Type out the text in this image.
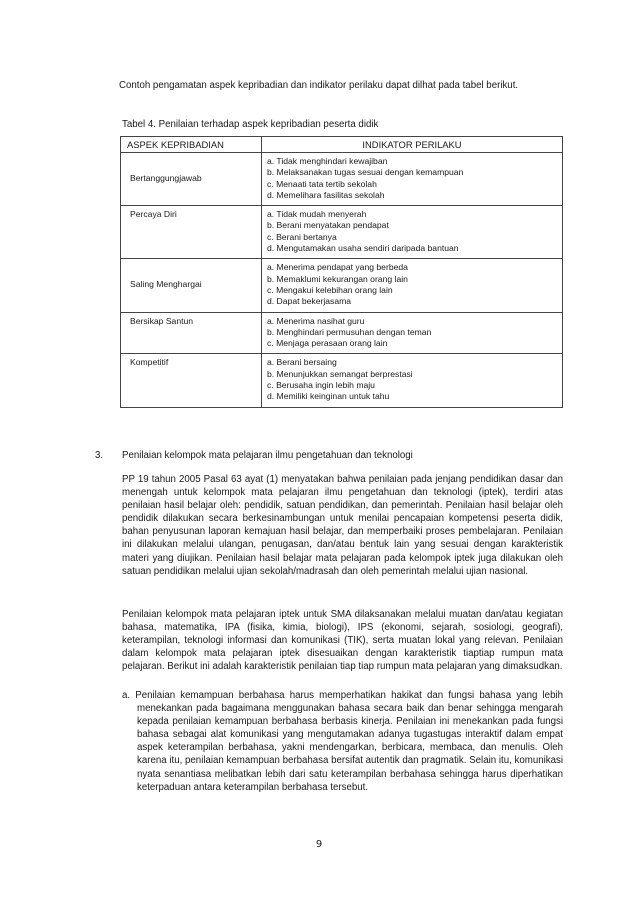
Contoh pengamatan aspek kepribadian dan indikator perilaku dapat dilhat pada tabel berikut.

Tabel 4. Penilaian terhadap aspek kepribadian peserta didik
ASPEK KEPRIBADIAN	INDIKATOR PERILAKU
Bertanggungjawab	a. Tidak menghindari kewajiban
b. Melaksanakan tugas sesuai dengan kemampuan
c. Menaati tata tertib sekolah
d. Memelihara fasilitas sekolah

Percaya Diri	a. Tidak mudah menyerah
b. Berani menyatakan pendapat
c. Berani bertanya
d. Mengutamakan usaha sendiri daripada bantuan

Saling Menghargai	a. Menerima pendapat yang berbeda
b. Memaklumi kekurangan orang lain
c. Mengakui kelebihan orang lain
d. Dapat bekerjasama

Bersikap Santun	a. Menerima nasihat guru
b. Menghindari permusuhan dengan teman
c. Menjaga perasaan orang lain

Kompetitif	a. Berani bersaing
b. Menunjukkan semangat berprestasi
c. Berusaha ingin lebih maju
d. Memiliki keinginan untuk tahu
3. Penilaian kelompok mata pelajaran ilmu pengetahuan dan teknologi

PP 19 tahun 2005 Pasal 63 ayat (1) menyatakan bahwa penilaian pada jenjang pendidikan dasar dan menengah untuk kelompok mata pelajaran ilmu pengetahuan dan teknologi (iptek), terdiri atas penilaian hasil belajar oleh: pendidik, satuan pendidikan, dan pemerintah. Penilaian hasil belajar oleh pendidik dilakukan secara berkesinambungan untuk menilai pencapaian kompetensi peserta didik, bahan penyusunan laporan kemajuan hasil belajar, dan memperbaiki proses pembelajaran. Penilaian ini dilakukan melalui ulangan, penugasan, dan/atau bentuk lain yang sesuai dengan karakteristik materi yang diujikan. Penilaian hasil belajar mata pelajaran pada kelompok iptek juga dilakukan oleh satuan pendidikan melalui ujian sekolah/madrasah dan oleh pemerintah melalui ujian nasional.

Penilaian kelompok mata pelajaran iptek untuk SMA dilaksanakan melalui muatan dan/atau kegiatan bahasa, matematika, IPA (fisika, kimia, biologi), IPS (ekonomi, sejarah, sosiologi, geografi), keterampilan, teknologi informasi dan komunikasi (TIK), serta muatan lokal yang relevan. Penilaian dalam kelompok mata pelajaran iptek disesuaikan dengan karakteristik tiaptiap rumpun mata pelajaran. Berikut ini adalah karakteristik penilaian tiap tiap rumpun mata pelajaran yang dimaksudkan.

a. Penilaian kemampuan berbahasa harus memperhatikan hakikat dan fungsi bahasa yang lebih menekankan pada bagaimana menggunakan bahasa secara baik dan benar sehingga mengarah kepada penilaian kemampuan berbahasa berbasis kinerja. Penilaian ini menekankan pada fungsi bahasa sebagai alat komunikasi yang mengutamakan adanya tugastugas interaktif dalam empat aspek keterampilan berbahasa, yakni mendengarkan, berbicara, membaca, dan menulis. Oleh karena itu, penilaian kemampuan berbahasa bersifat autentik dan pragmatik. Selain itu, komunikasi nyata senantiasa melibatkan lebih dari satu keterampilan berbahasa sehingga harus diperhatikan keterpaduan antara keterampilan berbahasa tersebut.

9
